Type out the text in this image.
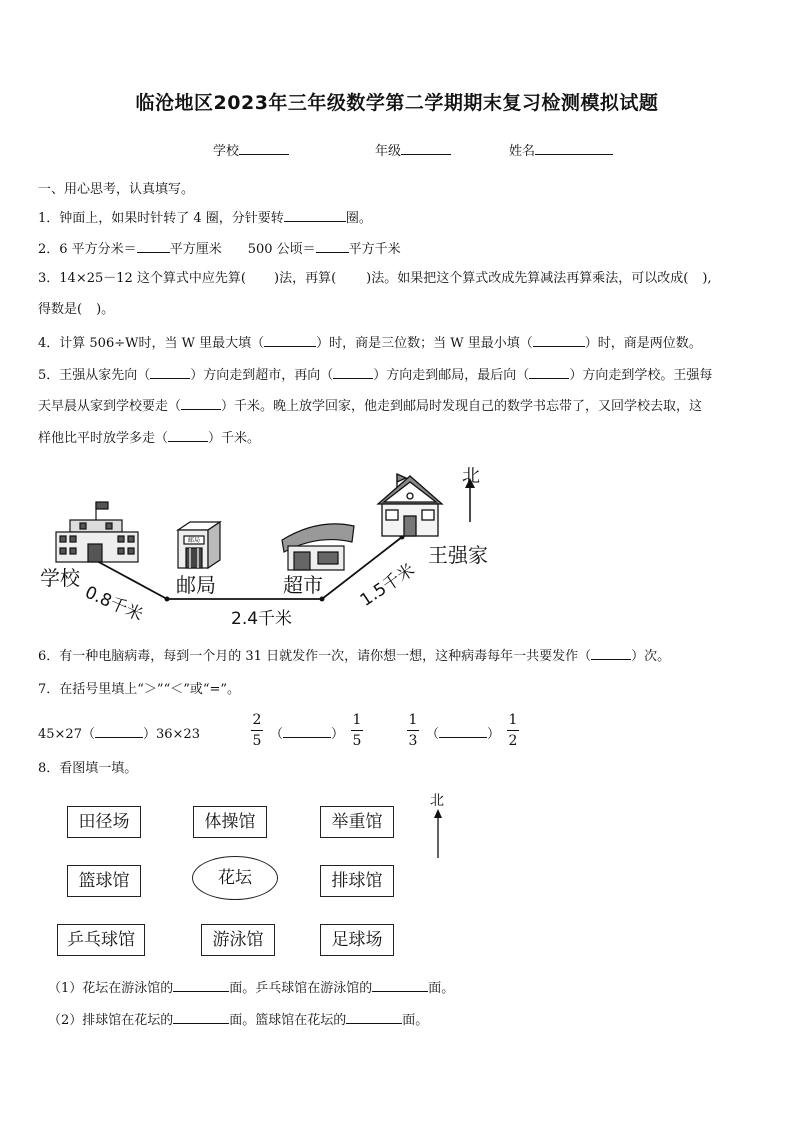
临沧地区2023年三年级数学第二学期期末复习检测模拟试题
学校	年级	姓名
一、用心思考，认真填写。
1．钟面上，如果时针转了 4 圈，分针要转	圈。
2．6 平方分米＝	平方厘米 500 公顷＝	平方千米
3．14×25－12 这个算式中应先算( )法，再算( )法。如果把这个算式改成先算减法再算乘法，可以改成( ),
得数是( )。
4．计算 506÷W时，当 W 里最大填（	）时，商是三位数；当 W 里最小填（	）时，商是两位数。
5．王强从家先向（	）方向走到超市，再向（	）方向走到邮局，最后向（	）方向走到学校。王强每
天早晨从家到学校要走（	）千米。晚上放学回家，他走到邮局时发现自己的数学书忘带了，又回学校去取，这
样他比平时放学多走（	）千米。
邮局
北
学校	邮局	超市
王强家
0.8千米	2.4千米
1.5千米
6．有一种电脑病毒，每到一个月的 31 日就发作一次，请你想一想，这种病毒每年一共要发作（	）次。
7．在括号里填上“＞”“＜”或“=”。
45×27（	）36×23
2
5 （	）
1
5
1
3 （	）
1
2
8．看图填一填。
田径场	体操馆	举重馆
篮球馆	花坛	排球馆
乒乓球馆	游泳馆	足球场
北
（1）花坛在游泳馆的	面。乒乓球馆在游泳馆的	面。
（2）排球馆在花坛的	面。篮球馆在花坛的	面。
